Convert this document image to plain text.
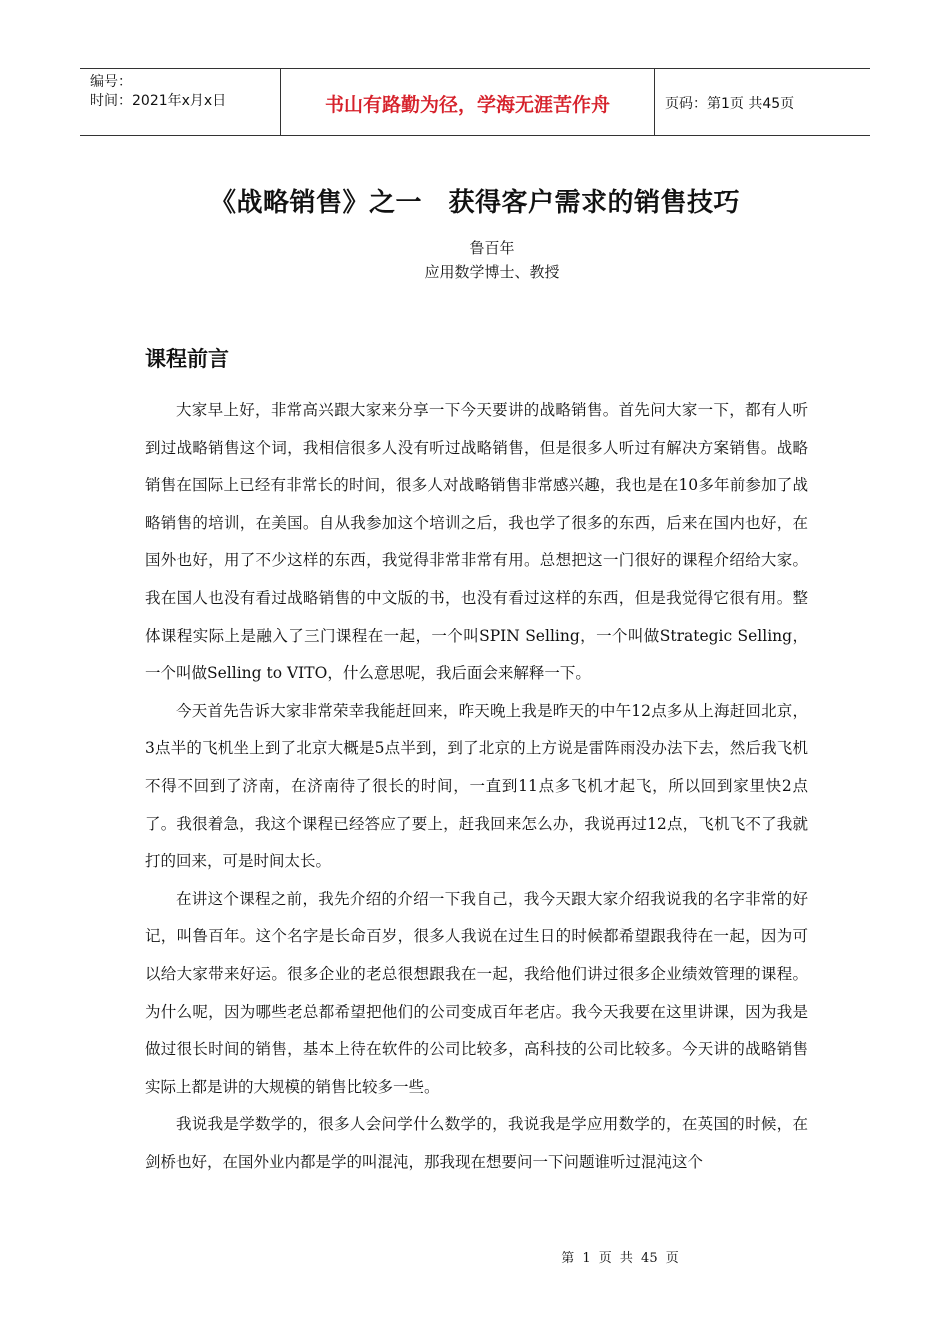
编号：
时间：2021年x月x日	书山有路勤为径，学海无涯苦作舟	页码：第1页 共45页
《战略销售》之一　获得客户需求的销售技巧
鲁百年
应用数学博士、教授
课程前言

大家早上好，非常高兴跟大家来分享一下今天要讲的战略销售。首先问大家一下，都有人听到过战略销售这个词，我相信很多人没有听过战略销售，但是很多人听过有解决方案销售。战略销售在国际上已经有非常长的时间，很多人对战略销售非常感兴趣，我也是在10多年前参加了战略销售的培训，在美国。自从我参加这个培训之后，我也学了很多的东西，后来在国内也好，在国外也好，用了不少这样的东西，我觉得非常非常有用。总想把这一门很好的课程介绍给大家。我在国人也没有看过战略销售的中文版的书，也没有看过这样的东西，但是我觉得它很有用。整体课程实际上是融入了三门课程在一起，一个叫SPIN Selling，一个叫做Strategic Selling，一个叫做Selling to VITO，什么意思呢，我后面会来解释一下。

今天首先告诉大家非常荣幸我能赶回来，昨天晚上我是昨天的中午12点多从上海赶回北京，3点半的飞机坐上到了北京大概是5点半到，到了北京的上方说是雷阵雨没办法下去，然后我飞机不得不回到了济南，在济南待了很长的时间，一直到11点多飞机才起飞，所以回到家里快2点了。我很着急，我这个课程已经答应了要上，赶我回来怎么办，我说再过12点，飞机飞不了我就打的回来，可是时间太长。

在讲这个课程之前，我先介绍的介绍一下我自己，我今天跟大家介绍我说我的名字非常的好记，叫鲁百年。这个名字是长命百岁，很多人我说在过生日的时候都希望跟我待在一起，因为可以给大家带来好运。很多企业的老总很想跟我在一起，我给他们讲过很多企业绩效管理的课程。为什么呢，因为哪些老总都希望把他们的公司变成百年老店。我今天我要在这里讲课，因为我是做过很长时间的销售，基本上待在软件的公司比较多，高科技的公司比较多。今天讲的战略销售实际上都是讲的大规模的销售比较多一些。

我说我是学数学的，很多人会问学什么数学的，我说我是学应用数学的，在英国的时候，在剑桥也好，在国外业内都是学的叫混沌，那我现在想要问一下问题谁听过混沌这个

第 1 页 共 45 页
